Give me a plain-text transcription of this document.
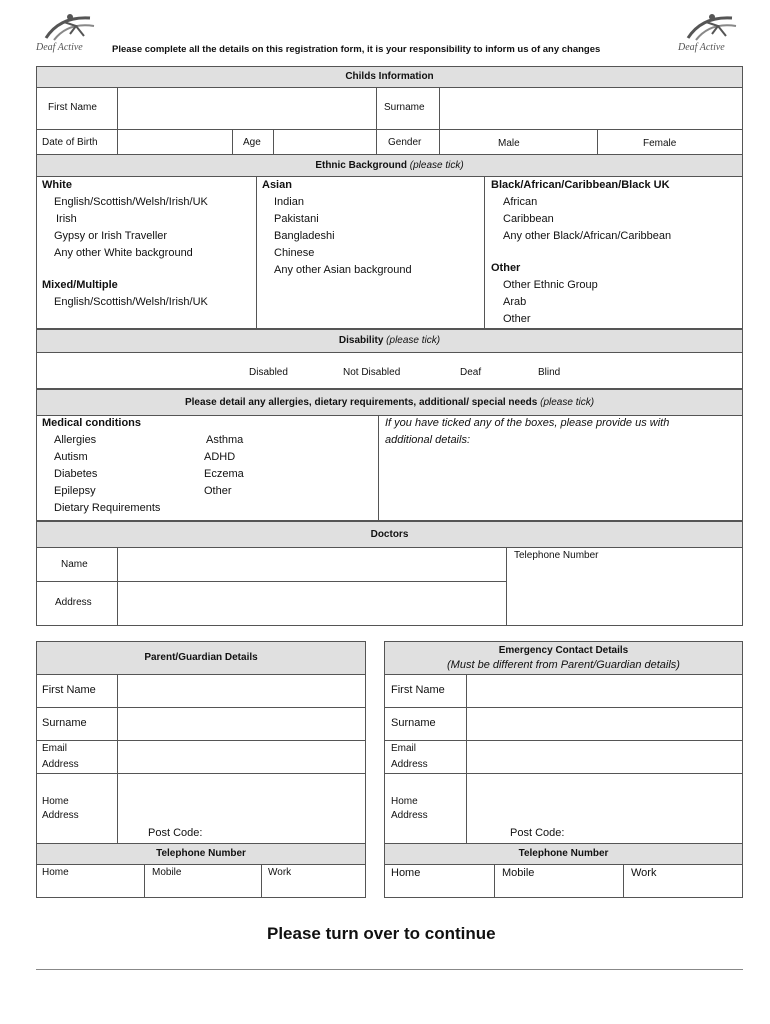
Deaf Active	Deaf Active
Please complete all the details on this registration form, it is your responsibility to inform us of any changes
Childs Information
First Name	Surname
Date of Birth	Age	Gender	Male	Female
Ethnic Background (please tick)
White
English/Scottish/Welsh/Irish/UK
Irish
Gypsy or Irish Traveller
Any other White background
Mixed/Multiple
English/Scottish/Welsh/Irish/UK
Asian
Indian
Pakistani
Bangladeshi
Chinese
Any other Asian background
Black/African/Caribbean/Black UK
African
Caribbean
Any other Black/African/Caribbean
Other
Other Ethnic Group
Arab
Other
Disability (please tick)
Disabled	Not Disabled	Deaf	Blind
Please detail any allergies, dietary requirements, additional/ special needs (please tick)
Medical conditions
Allergies
Autism
Diabetes
Epilepsy
Dietary Requirements
Asthma
ADHD
Eczema
Other
If you have ticked any of the boxes, please provide us with
additional details:
Doctors
Name
Address
Telephone Number
Parent/Guardian Details
Telephone Number
First Name
Surname
Email
Address
Home
Address
Post Code:
Home	Mobile	Work
Emergency Contact Details
(Must be different from Parent/Guardian details)
Telephone Number
First Name
Surname
Email
Address
Home
Address
Post Code:
Home	Mobile	Work
Please turn over to continue
